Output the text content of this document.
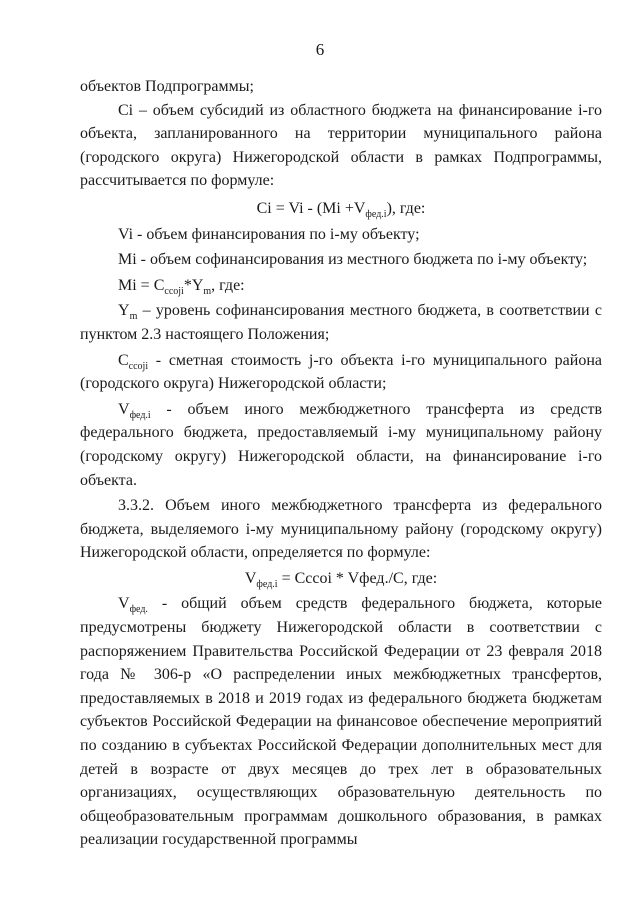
6

объектов Подпрограммы;

Ci – объем субсидий из областного бюджета на финансирование i-го объекта, запланированного на территории муниципального района (городского округа) Нижегородской области в рамках Подпрограммы, рассчитывается по формуле:

$Ci = Vi - (Mi +V_{фед.i})$, где:

Vi - объем финансирования по i-му объекту;

Mi - объем софинансирования из местного бюджета по i-му объекту;

$Mi = C_{ccoji}*Y_m$, где:

$Y_m$ – уровень софинансирования местного бюджета, в соответствии с пунктом 2.3 настоящего Положения;

$C_{ccoji}$ - сметная стоимость j-го объекта i-го муниципального района (городского округа) Нижегородской области;

$V_{фед.i}$ - объем иного межбюджетного трансферта из средств федерального бюджета, предоставляемый i-му муниципальному району (городскому округу) Нижегородской области, на финансирование i-го объекта.

3.3.2. Объем иного межбюджетного трансферта из федерального бюджета, выделяемого i-му муниципальному району (городскому округу) Нижегородской области, определяется по формуле:

$V_{фед.i}$ = Cccoi * Vфед./C, где:

$V_{фед.}$ - общий объем средств федерального бюджета, которые предусмотрены бюджету Нижегородской области в соответствии с распоряжением Правительства Российской Федерации от 23 февраля 2018 года № 306-р «О распределении иных межбюджетных трансфертов, предоставляемых в 2018 и 2019 годах из федерального бюджета бюджетам субъектов Российской Федерации на финансовое обеспечение мероприятий по созданию в субъектах Российской Федерации дополнительных мест для детей в возрасте от двух месяцев до трех лет в образовательных организациях, осуществляющих образовательную деятельность по общеобразовательным программам дошкольного образования, в рамках реализации государственной программы
